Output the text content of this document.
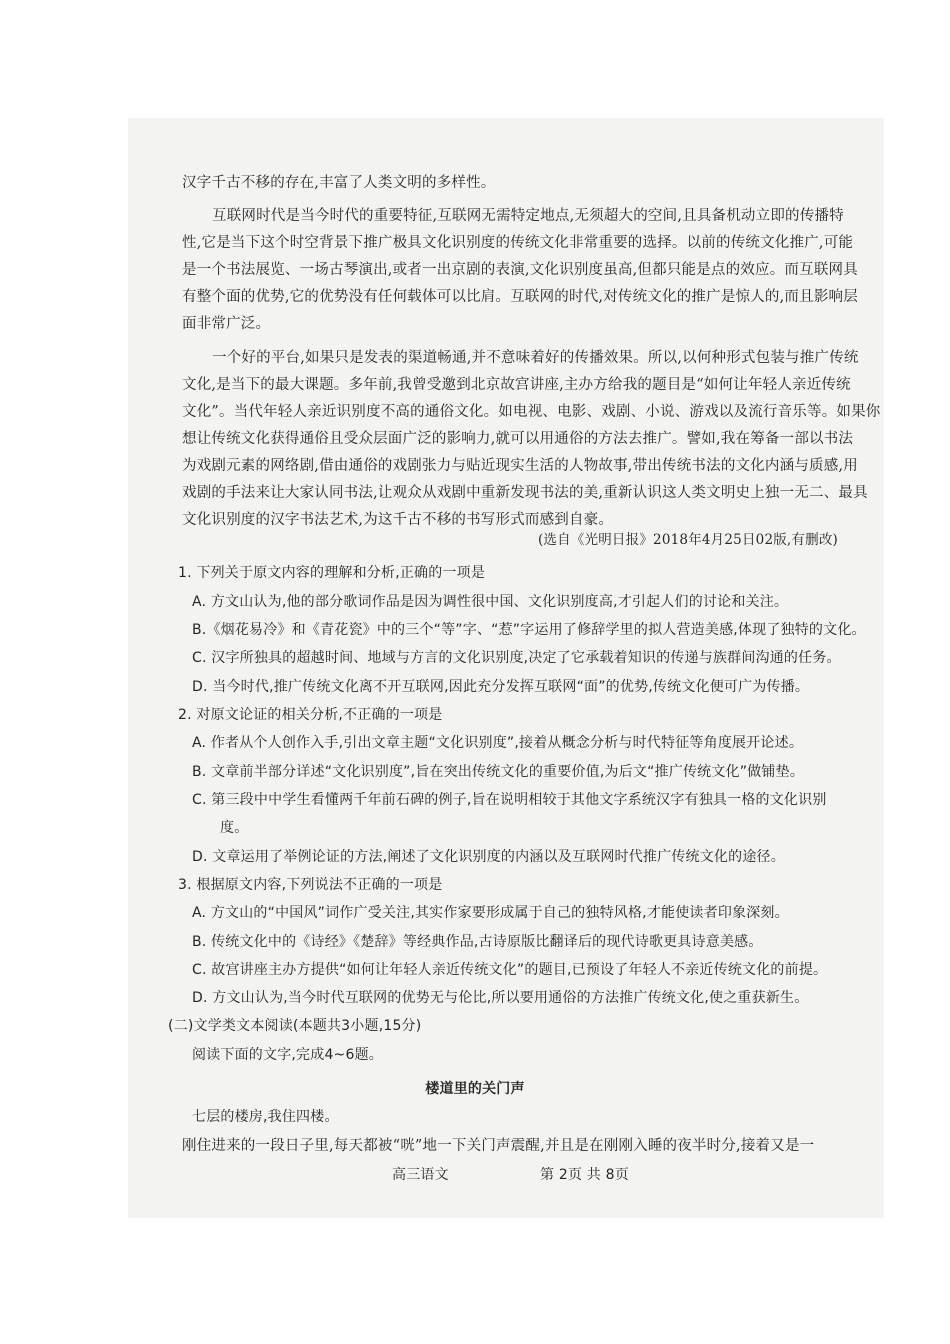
汉字千古不移的存在,丰富了人类文明的多样性。
互联网时代是当今时代的重要特征,互联网无需特定地点,无须超大的空间,且具备机动立即的传播特
性,它是当下这个时空背景下推广极具文化识别度的传统文化非常重要的选择。以前的传统文化推广,可能
是一个书法展览、一场古琴演出,或者一出京剧的表演,文化识别度虽高,但都只能是点的效应。而互联网具
有整个面的优势,它的优势没有任何载体可以比肩。互联网的时代,对传统文化的推广是惊人的,而且影响层
面非常广泛。
一个好的平台,如果只是发表的渠道畅通,并不意味着好的传播效果。所以,以何种形式包装与推广传统
文化,是当下的最大课题。多年前,我曾受邀到北京故宫讲座,主办方给我的题目是“如何让年轻人亲近传统
文化”。当代年轻人亲近识别度不高的通俗文化。如电视、电影、戏剧、小说、游戏以及流行音乐等。如果你
想让传统文化获得通俗且受众层面广泛的影响力,就可以用通俗的方法去推广。譬如,我在筹备一部以书法
为戏剧元素的网络剧,借由通俗的戏剧张力与贴近现实生活的人物故事,带出传统书法的文化内涵与质感,用
戏剧的手法来让大家认同书法,让观众从戏剧中重新发现书法的美,重新认识这人类文明史上独一无二、最具
文化识别度的汉字书法艺术,为这千古不移的书写形式而感到自豪。
(选自《光明日报》2018年4月25日02版,有删改)
1. 下列关于原文内容的理解和分析,正确的一项是
A. 方文山认为,他的部分歌词作品是因为调性很中国、文化识别度高,才引起人们的讨论和关注。
B.《烟花易冷》和《青花瓷》中的三个“等”字、“惹”字运用了修辞学里的拟人营造美感,体现了独特的文化。
C. 汉字所独具的超越时间、地域与方言的文化识别度,决定了它承载着知识的传递与族群间沟通的任务。
D. 当今时代,推广传统文化离不开互联网,因此充分发挥互联网“面”的优势,传统文化便可广为传播。
2. 对原文论证的相关分析,不正确的一项是
A. 作者从个人创作入手,引出文章主题“文化识别度”,接着从概念分析与时代特征等角度展开论述。
B. 文章前半部分详述“文化识别度”,旨在突出传统文化的重要价值,为后文“推广传统文化”做铺垫。
C. 第三段中中学生看懂两千年前石碑的例子,旨在说明相较于其他文字系统汉字有独具一格的文化识别
度。
D. 文章运用了举例论证的方法,阐述了文化识别度的内涵以及互联网时代推广传统文化的途径。
3. 根据原文内容,下列说法不正确的一项是
A. 方文山的“中国风”词作广受关注,其实作家要形成属于自己的独特风格,才能使读者印象深刻。
B. 传统文化中的《诗经》《楚辞》等经典作品,古诗原版比翻译后的现代诗歌更具诗意美感。
C. 故宫讲座主办方提供“如何让年轻人亲近传统文化”的题目,已预设了年轻人不亲近传统文化的前提。
D. 方文山认为,当今时代互联网的优势无与伦比,所以要用通俗的方法推广传统文化,使之重获新生。
(二)文学类文本阅读(本题共3小题,15分)
阅读下面的文字,完成4~6题。
楼道里的关门声
七层的楼房,我住四楼。
刚住进来的一段日子里,每天都被“咣”地一下关门声震醒,并且是在刚刚入睡的夜半时分,接着又是一
高三语文	第 2页 共 8页
